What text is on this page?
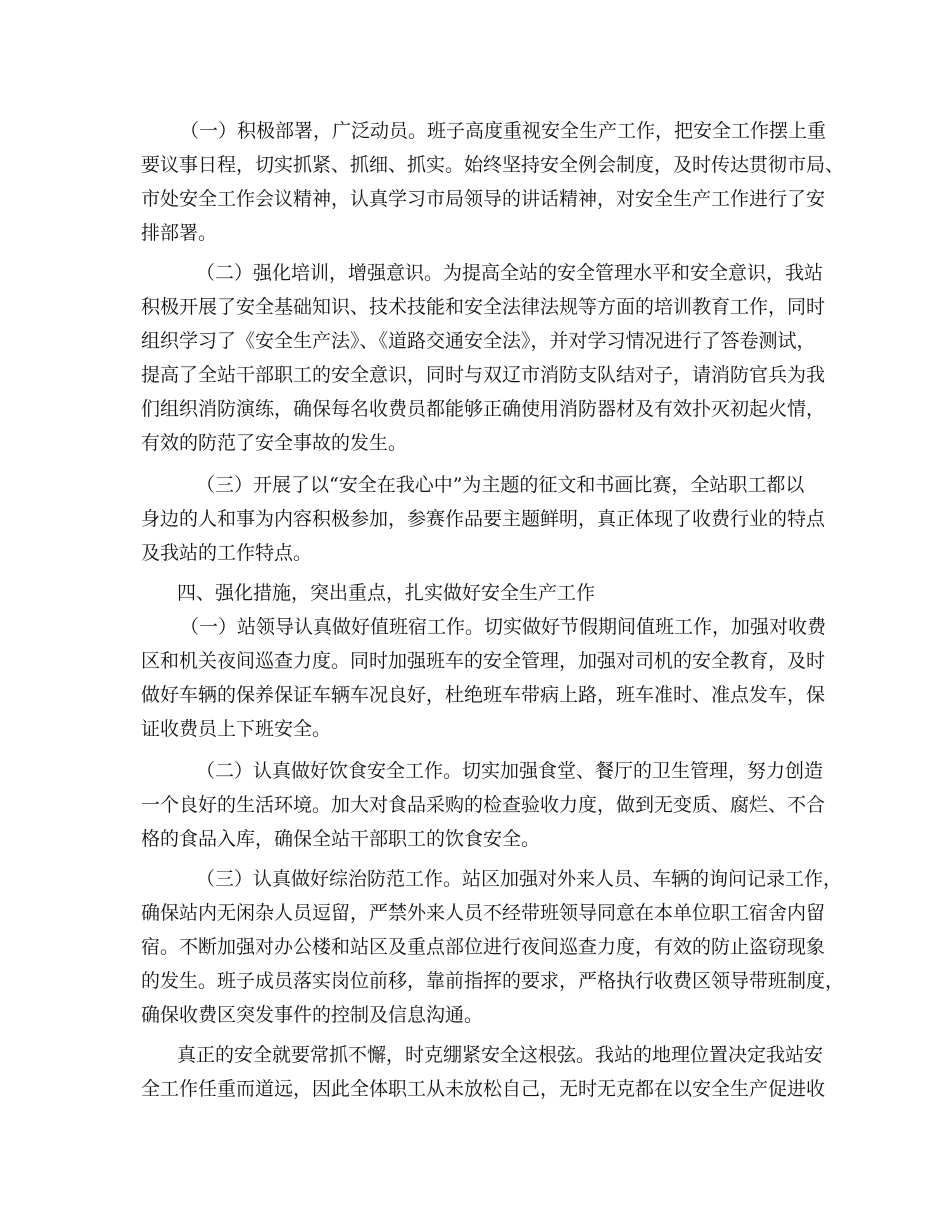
（一）积极部署，广泛动员。班子高度重视安全生产工作，把安全工作摆上重
要议事日程，切实抓紧、抓细、抓实。始终坚持安全例会制度，及时传达贯彻市局、
市处安全工作会议精神，认真学习市局领导的讲话精神，对安全生产工作进行了安
排部署。
（二）强化培训，增强意识。为提高全站的安全管理水平和安全意识，我站
积极开展了安全基础知识、技术技能和安全法律法规等方面的培训教育工作，同时
组织学习了《安全生产法》、《道路交通安全法》，并对学习情况进行了答卷测试，
提高了全站干部职工的安全意识，同时与双辽市消防支队结对子，请消防官兵为我
们组织消防演练，确保每名收费员都能够正确使用消防器材及有效扑灭初起火情，
有效的防范了安全事故的发生。
（三）开展了以“安全在我心中”为主题的征文和书画比赛，全站职工都以
身边的人和事为内容积极参加，参赛作品要主题鲜明，真正体现了收费行业的特点
及我站的工作特点。
四、强化措施，突出重点，扎实做好安全生产工作
（一）站领导认真做好值班宿工作。切实做好节假期间值班工作，加强对收费
区和机关夜间巡查力度。同时加强班车的安全管理，加强对司机的安全教育，及时
做好车辆的保养保证车辆车况良好，杜绝班车带病上路，班车准时、准点发车，保
证收费员上下班安全。
（二）认真做好饮食安全工作。切实加强食堂、餐厅的卫生管理，努力创造
一个良好的生活环境。加大对食品采购的检查验收力度，做到无变质、腐烂、不合
格的食品入库，确保全站干部职工的饮食安全。
（三）认真做好综治防范工作。站区加强对外来人员、车辆的询问记录工作，
确保站内无闲杂人员逗留，严禁外来人员不经带班领导同意在本单位职工宿舍内留
宿。不断加强对办公楼和站区及重点部位进行夜间巡查力度，有效的防止盗窃现象
的发生。班子成员落实岗位前移，靠前指挥的要求，严格执行收费区领导带班制度，
确保收费区突发事件的控制及信息沟通。
真正的安全就要常抓不懈，时克绷紧安全这根弦。我站的地理位置决定我站安
全工作任重而道远，因此全体职工从未放松自己，无时无克都在以安全生产促进收
